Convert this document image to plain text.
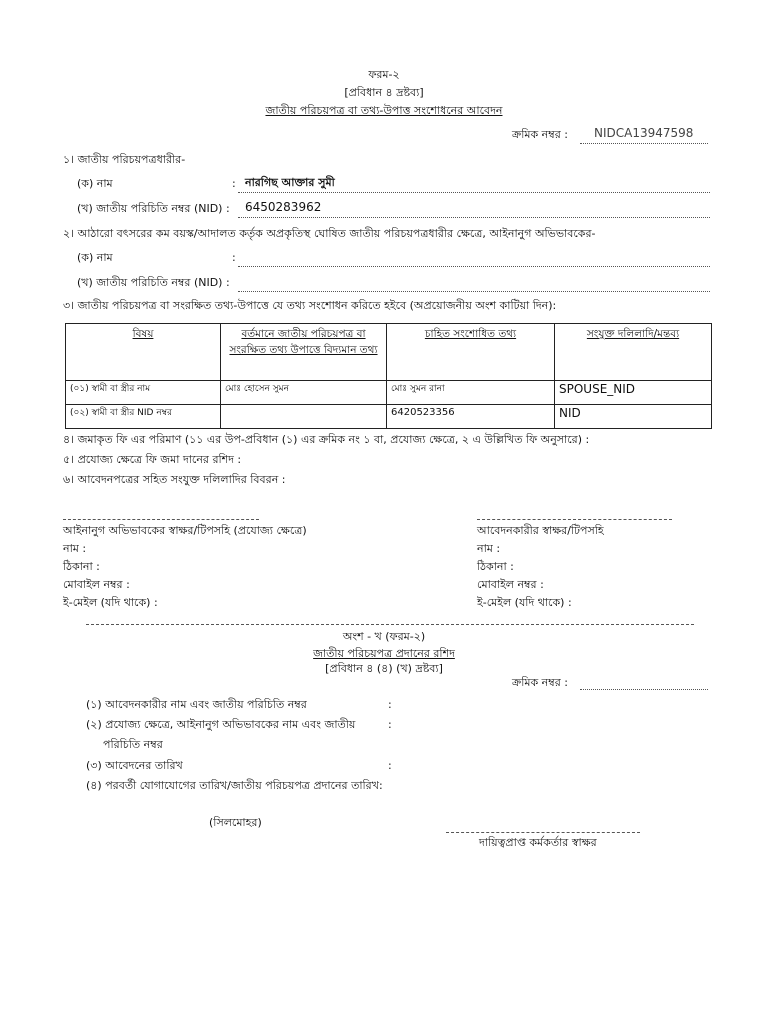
ফরম-২
[প্রবিধান ৪ দ্রষ্টব্য]
জাতীয় পরিচয়পত্র বা তথ্য-উপাত্ত সংশোধনের আবেদন
ক্রমিক নম্বর : NIDCA13947598
১। জাতীয় পরিচয়পত্রধারীর-
(ক) নাম	: নারগিছ আক্তার সুমী
(খ) জাতীয় পরিচিতি নম্বর (NID) : 6450283962
২। আঠারো বৎসরের কম বয়স্ক/আদালত কর্তৃক অপ্রকৃতিস্থ ঘোষিত জাতীয় পরিচয়পত্রধারীর ক্ষেত্রে, আইনানুগ অভিভাবকের-
(ক) নাম	:
(খ) জাতীয় পরিচিতি নম্বর (NID) :
৩। জাতীয় পরিচয়পত্র বা সংরক্ষিত তথ্য-উপাত্তে যে তথ্য সংশোধন করিতে হইবে (অপ্রয়োজনীয় অংশ কাটিয়া দিন):
বিষয়	বর্তমানে জাতীয় পরিচয়পত্র বা সংরক্ষিত তথ্য উপাত্তে বিদ্যমান তথ্য	চাহিত সংশোধিত তথ্য	সংযুক্ত দলিলাদি/মন্তব্য
(০১) স্বামী বা স্ত্রীর নাম	মোঃ হোসেন সুমন	মোঃ সুমন রানা	SPOUSE_NID
(০২) স্বামী বা স্ত্রীর NID নম্বর		6420523356	NID
৪। জমাকৃত ফি এর পরিমাণ (১১ এর উপ-প্রবিধান (১) এর ক্রমিক নং ১ বা, প্রযোজ্য ক্ষেত্রে, ২ এ উল্লিখিত ফি অনুসারে) :
৫। প্রযোজ্য ক্ষেত্রে ফি জমা দানের রশিদ :
৬। আবেদনপত্রের সহিত সংযুক্ত দলিলাদির বিবরন :
আইনানুগ অভিভাবকের স্বাক্ষর/টিপসহি (প্রযোজ্য ক্ষেত্রে)
নাম :
ঠিকানা :
মোবাইল নম্বর :
ই-মেইল (যদি থাকে) :
আবেদনকারীর স্বাক্ষর/টিপসহি
নাম :
ঠিকানা :
মোবাইল নম্বর :
ই-মেইল (যদি থাকে) :
অংশ - খ (ফরম-২)
জাতীয় পরিচয়পত্র প্রদানের রশিদ
[প্রবিধান ৪ (৪) (খ) দ্রষ্টব্য]
ক্রমিক নম্বর :
(১) আবেদনকারীর নাম এবং জাতীয় পরিচিতি নম্বর	:
(২) প্রযোজ্য ক্ষেত্রে, আইনানুগ অভিভাবকের নাম এবং জাতীয়	:
পরিচিতি নম্বর
(৩) আবেদনের তারিখ	:
(৪) পরবর্তী যোগাযোগের তারিখ/জাতীয় পরিচয়পত্র প্রদানের তারিখ:
(সিলমোহর)
দায়িত্বপ্রাপ্ত কর্মকর্তার স্বাক্ষর
